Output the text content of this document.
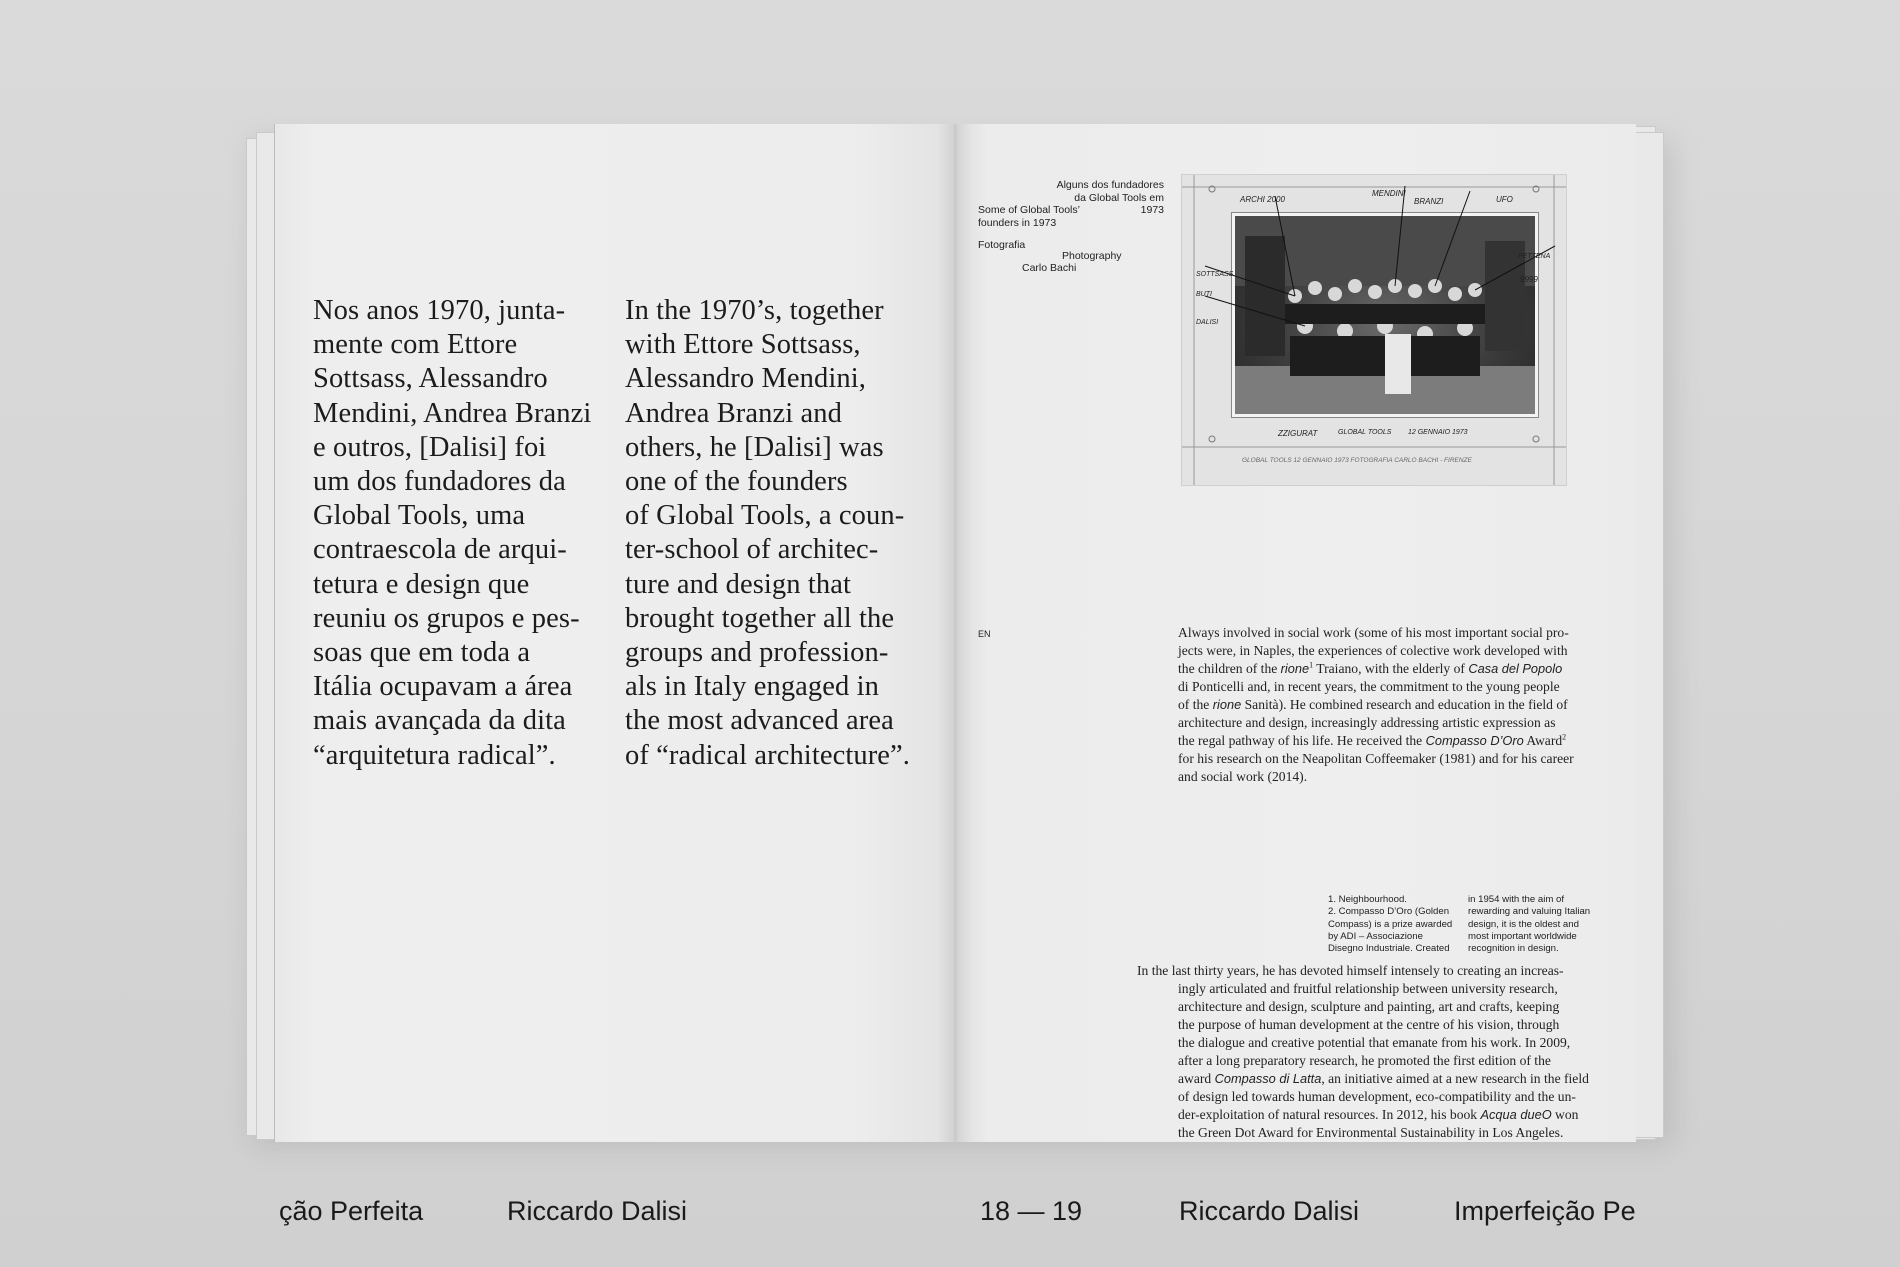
Nos anos 1970, junta-
mente com Ettore
Sottsass, Alessandro
Mendini, Andrea Branzi
e outros, [Dalisi] foi
um dos fundadores da
Global Tools, uma
contraescola de arqui-
tetura e design que
reuniu os grupos e pes-
soas que em toda a
Itália ocupavam a área
mais avançada da dita
“arquitetura radical”.
In the 1970’s, together
with Ettore Sottsass,
Alessandro Mendini,
Andrea Branzi and
others, he [Dalisi] was
one of the founders
of Global Tools, a coun-
ter-school of architec-
ture and design that
brought together all the
groups and profession-
als in Italy engaged in
the most advanced area
of “radical architecture”.
ção Perfeita	Riccardo Dalisi
Alguns dos fundadores
da Global Tools em 1973
Some of Global Tools’
founders in 1973
Fotografia
Photography
Carlo Bachi
EN	Always involved in social work (some of his most important social pro-
jects were, in Naples, the experiences of colective work developed with
the children of the rione$^1$ Traiano, with the elderly of Casa del Popolo
di Ponticelli and, in recent years, the commitment to the young people
of the rione Sanità). He combined research and education in the field of
architecture and design, increasingly addressing artistic expression as
the regal pathway of his life. He received the Compasso D’Oro Award$^2$
for his research on the Neapolitan Coffeemaker (1981) and for his career
and social work (2014).
1. Neighbourhood.
2. Compasso D’Oro (Golden
Compass) is a prize awarded
by ADI – Associazione
Disegno Industriale. Created
in 1954 with the aim of
rewarding and valuing Italian
design, it is the oldest and
most important worldwide
recognition in design.
In the last thirty years, he has devoted himself intensely to creating an increas-
ingly articulated and fruitful relationship between university research,
architecture and design, sculpture and painting, art and crafts, keeping
the purpose of human development at the centre of his vision, through
the dialogue and creative potential that emanate from his work. In 2009,
after a long preparatory research, he promoted the first edition of the
award Compasso di Latta, an initiative aimed at a new research in the field
of design led towards human development, eco-compatibility and the un-
der-exploitation of natural resources. In 2012, his book Acqua dueO won
the Green Dot Award for Environmental Sustainability in Los Angeles.
18 — 19	Riccardo Dalisi	Imperfeição Pe
ARCHI 2000
MENDINI
BRANZI	UFO
PETTENA
9999
SOTTSASS
BUTI
DALISI
ZZIGURAT	GLOBAL TOOLS 12 GENNAIO 1973
GLOBAL TOOLS 12 GENNAIO 1973 FOTOGRAFIA CARLO BACHI - FIRENZE
